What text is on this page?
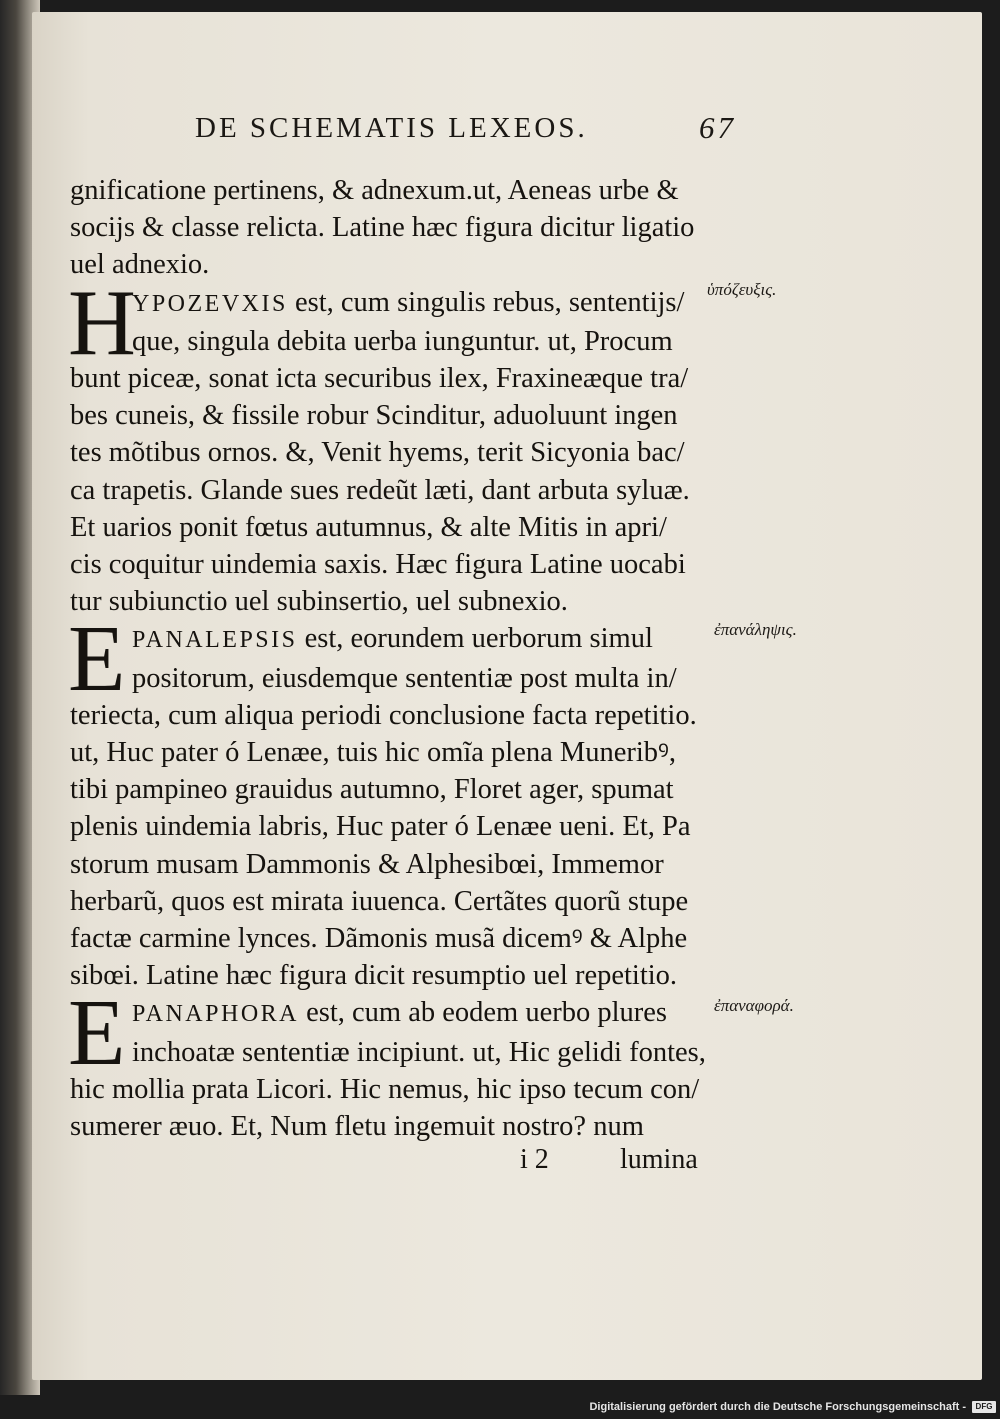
DE SCHEMATIS LEXEOS.	67
gnificatione pertinens, & adnexum.ut, Aeneas urbe &
socijs & classe relicta. Latine hæc figura dicitur ligatio
uel adnexio.
H
YPOZEVXIS est, cum singulis rebus, sententijs/
que, singula debita uerba iunguntur. ut, Procum
bunt piceæ, sonat icta securibus ilex, Fraxineæque tra/
bes cuneis, & fissile robur Scinditur, aduoluunt ingen
tes mõtibus ornos. &, Venit hyems, terit Sicyonia bac/
ca trapetis. Glande sues redeũt læti, dant arbuta syluæ.
Et uarios ponit fœtus autumnus, & alte Mitis in apri/
cis coquitur uindemia saxis. Hæc figura Latine uocabi
tur subiunctio uel subinsertio, uel subnexio.
E PANALEPSIS est, eorundem uerborum simul
positorum, eiusdemque sententiæ post multa in/
teriecta, cum aliqua periodi conclusione facta repetitio.
ut, Huc pater ó Lenæe, tuis hic omĩa plena Muneribꝰ,
tibi pampineo grauidus autumno, Floret ager, spumat
plenis uindemia labris, Huc pater ó Lenæe ueni. Et, Pa
storum musam Dammonis & Alphesibœi, Immemor
herbarũ, quos est mirata iuuenca. Certãtes quorũ stupe
factæ carmine lynces. Dãmonis musã dicemꝰ & Alphe
sibœi. Latine hæc figura dicit resumptio uel repetitio.
E PANAPHORA est, cum ab eodem uerbo plures
inchoatæ sententiæ incipiunt. ut, Hic gelidi fontes,
hic mollia prata Licori. Hic nemus, hic ipso tecum con/
sumerer æuo. Et, Num fletu ingemuit nostro? num
ὑπόζευξις.
ἐπανάληψις.
ἐπαναφορά.
i 2	lumina
Digitalisierung gefördert durch die Deutsche Forschungsgemeinschaft -	DFG
